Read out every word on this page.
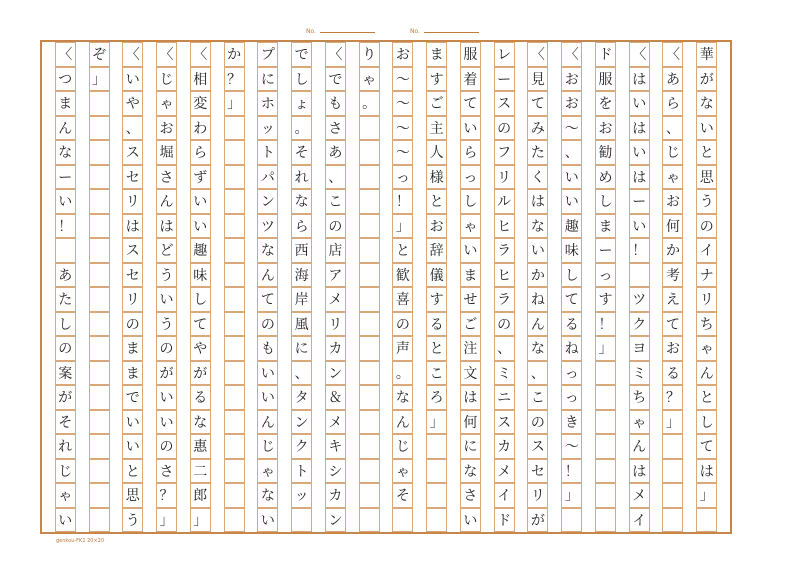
No.	No.
華
が
な
い
と
思
う
の
イ
ナ
リ
ち
ゃ
ん
と
し
て
は
」
〈
あ
ら
、
じ
ゃ
お
何
か
考
え
て
お
る
？
」
〈
は
い
は
い
は
ー
い
！

ツ
ク
ヨ
ミ
ち
ゃ
ん
は
メ
イ
ド
服
を
お
勧
め
し
ま
ー
っ
す
！
」
〈
お
お
〜
、
い
い
趣
味
し
て
る
ね
っ
っ
き
〜
！
」
〈
見
て
み
た
く
は
な
い
か
ね
ん
な
、
こ
の
ス
セ
リ
が
レ
ー
ス
の
フ
リ
ル
ヒ
ラ
ヒ
ラ
の
、
ミ
ニ
ス
カ
メ
イ
ド
服
着
て
い
ら
っ
し
ゃ
い
ま
せ
ご
注
文
は
何
に
な
さ
い
ま
す
ご
主
人
様
と
お
辞
儀
す
る
と
こ
ろ
」
お
〜
〜
〜
〜
っ
！
」
と
歓
喜
の
声
。
な
ん
じ
ゃ
そ
り
ゃ
。
〈
で
も
さ
あ
、
こ
の
店
ア
メ
リ
カ
ン
＆
メ
キ
シ
カ
ン
で
し
ょ
。
そ
れ
な
ら
西
海
岸
風
に
、
タ
ン
ク
ト
ッ
プ
に
ホ
ッ
ト
パ
ン
ツ
な
ん
て
の
も
い
い
ん
じ
ゃ
な
い
か
？
」
〈
相
変
わ
ら
ず
い
い
趣
味
し
て
や
が
る
な
惠
二
郎
」
〈
じ
ゃ
お
堀
さ
ん
は
ど
う
い
う
の
が
い
い
の
さ
？
」
〈
い
や
、
ス
セ
リ
は
ス
セ
リ
の
ま
ま
で
い
い
と
思
う
ぞ
」
〈
つ
ま
ん
な
ー
い
！

あ
た
し
の
案
が
そ
れ
じ
ゃ
い
genkou-FK1 20×20
